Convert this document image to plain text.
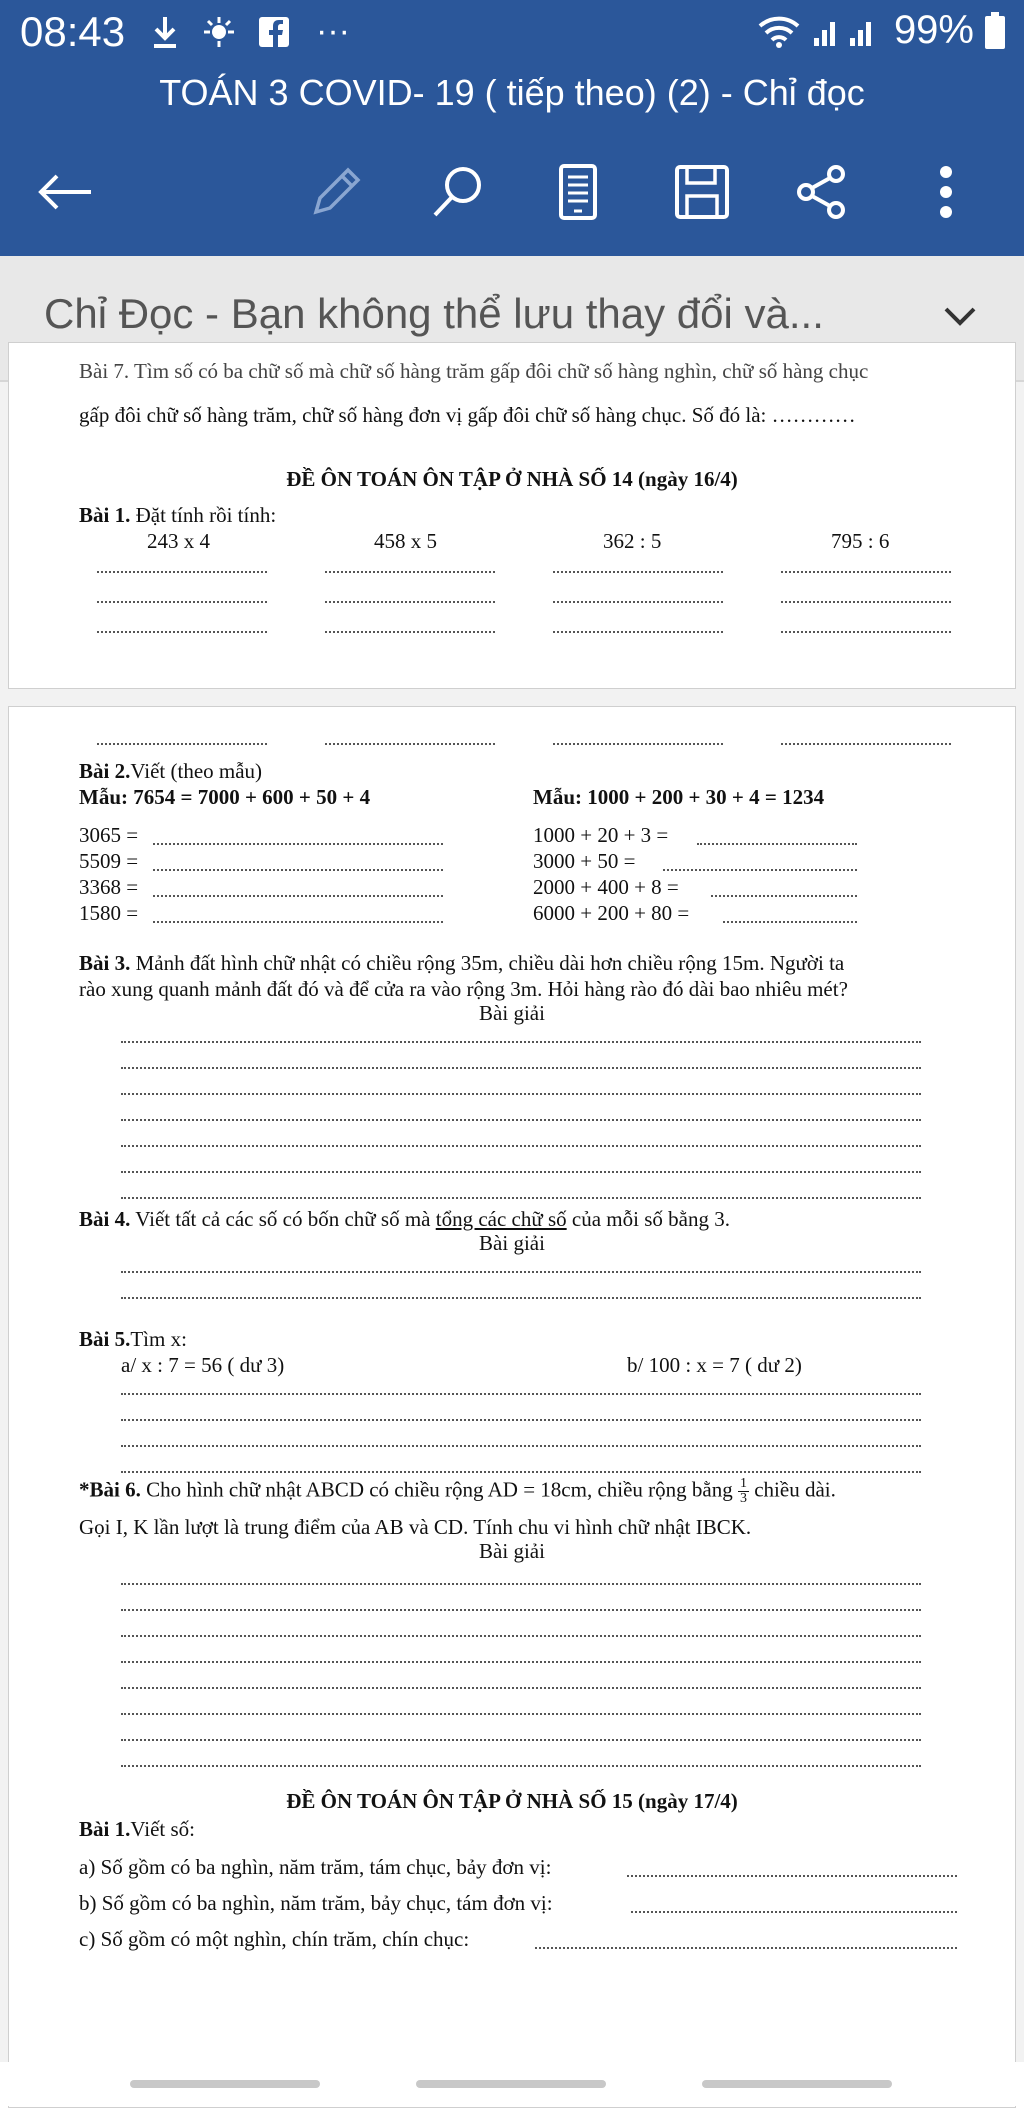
08:43	···	99%
TOÁN 3 COVID- 19 ( tiếp theo) (2) - Chỉ đọc
Chỉ Đọc - Bạn không thể lưu thay đổi và...
Bài 7. Tìm số có ba chữ số mà chữ số hàng trăm gấp đôi chữ số hàng nghìn, chữ số hàng chục
gấp đôi chữ số hàng trăm, chữ số hàng đơn vị gấp đôi chữ số hàng chục. Số đó là: …………
ĐỀ ÔN TOÁN ÔN TẬP Ở NHÀ SỐ 14 (ngày 16/4)
Bài 1. Đặt tính rồi tính:
243 x 4	458 x 5	362 : 5	795 : 6
Bài 2.Viết (theo mẫu)
Mẫu: 7654 = 7000 + 600 + 50 + 4	Mẫu: 1000 + 200 + 30 + 4 = 1234
3065 =
5509 =
3368 =
1580 =
1000 + 20 + 3 =
3000 + 50 =
2000 + 400 + 8 =
6000 + 200 + 80 =
Bài 3. Mảnh đất hình chữ nhật có chiều rộng 35m, chiều dài hơn chiều rộng 15m. Người ta
rào xung quanh mảnh đất đó và để cửa ra vào rộng 3m. Hỏi hàng rào đó dài bao nhiêu mét?
Bài giải
Bài 4. Viết tất cả các số có bốn chữ số mà tổng các chữ số của mỗi số bằng 3.
Bài giải
Bài 5.Tìm x:
a/ x : 7 = 56 ( dư 3)	b/ 100 : x = 7 ( dư 2)
*Bài 6. Cho hình chữ nhật ABCD có chiều rộng AD = 18cm, chiều rộng bằng $\frac{1}{3}$ chiều dài.
Gọi I, K lần lượt là trung điểm của AB và CD. Tính chu vi hình chữ nhật IBCK.
Bài giải
ĐỀ ÔN TOÁN ÔN TẬP Ở NHÀ SỐ 15 (ngày 17/4)
Bài 1.Viết số:
a) Số gồm có ba nghìn, năm trăm, tám chục, bảy đơn vị:
b) Số gồm có ba nghìn, năm trăm, bảy chục, tám đơn vị:
c) Số gồm có một nghìn, chín trăm, chín chục:
